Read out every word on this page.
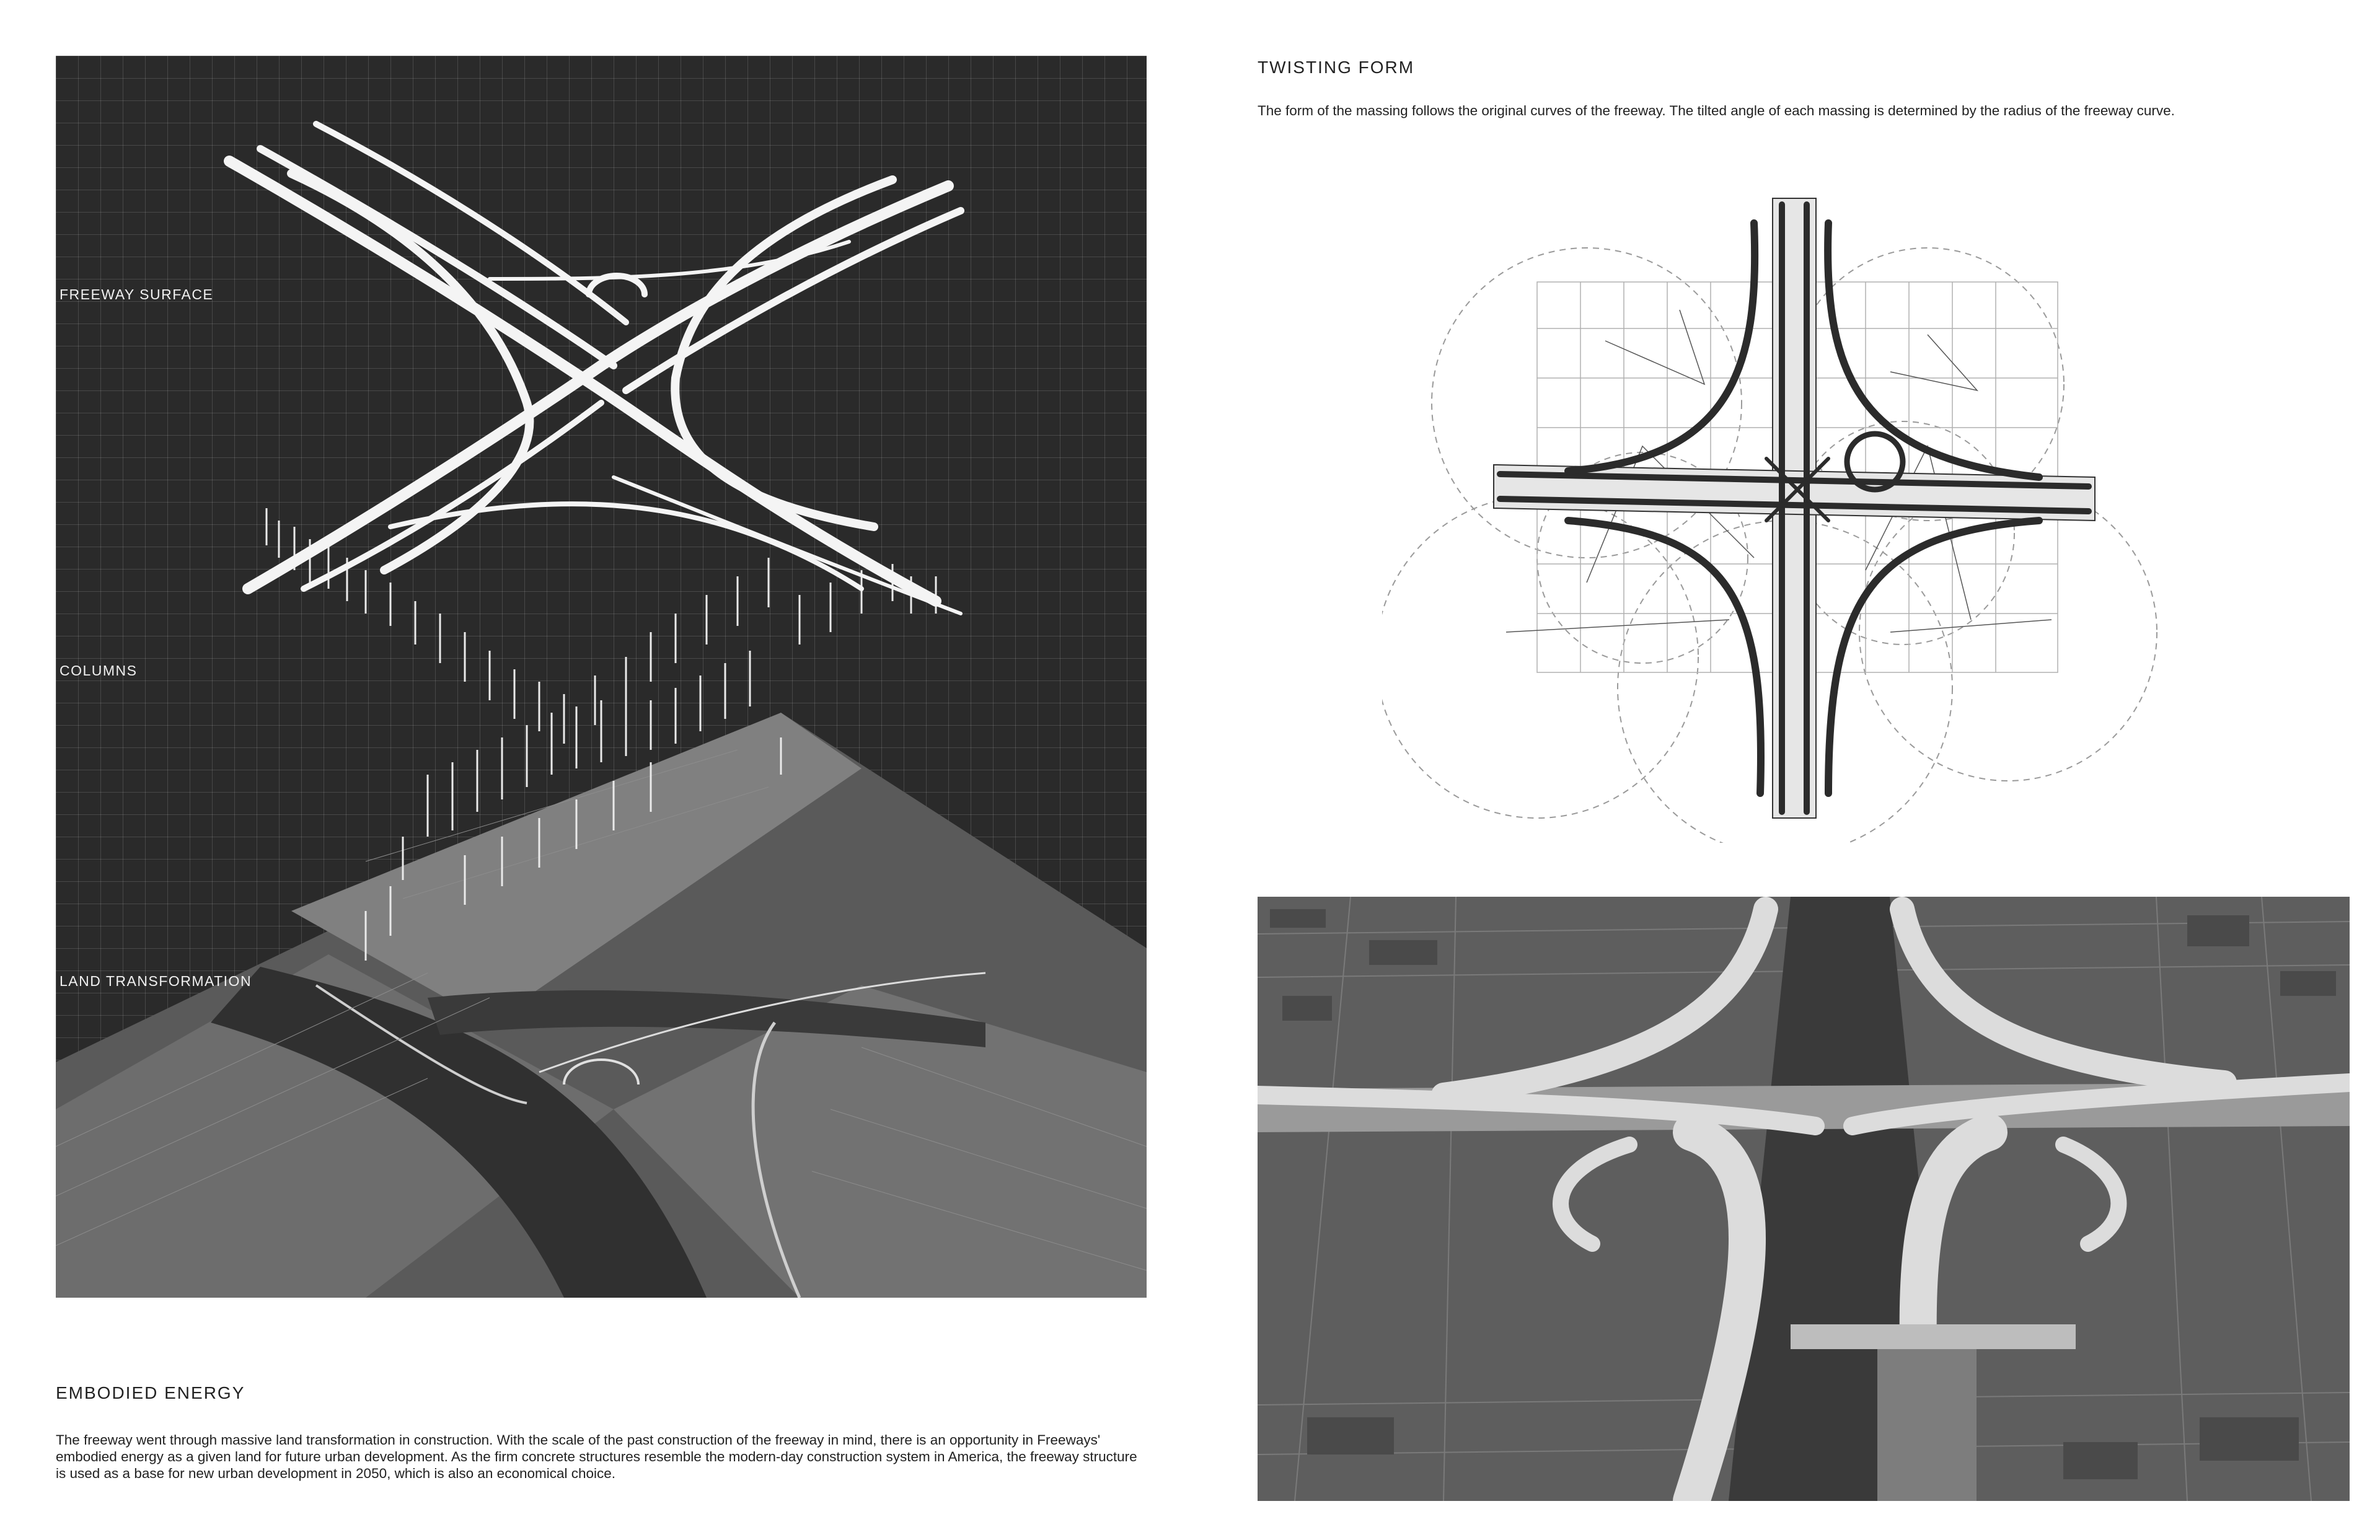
FREEWAY SURFACE
COLUMNS
LAND TRANSFORMATION
EMBODIED ENERGY
The freeway went through massive land transformation in construction. With the scale of the past construction of the freeway in mind, there is an opportunity in Freeways' embodied energy as a given land for future urban development. As the firm concrete structures resemble the modern-day construction system in America, the freeway structure is used as a base for new urban development in 2050, which is also an economical choice.
TWISTING FORM
The form of the massing follows the original curves of the freeway. The tilted angle of each massing is determined by the radius of the freeway curve.
